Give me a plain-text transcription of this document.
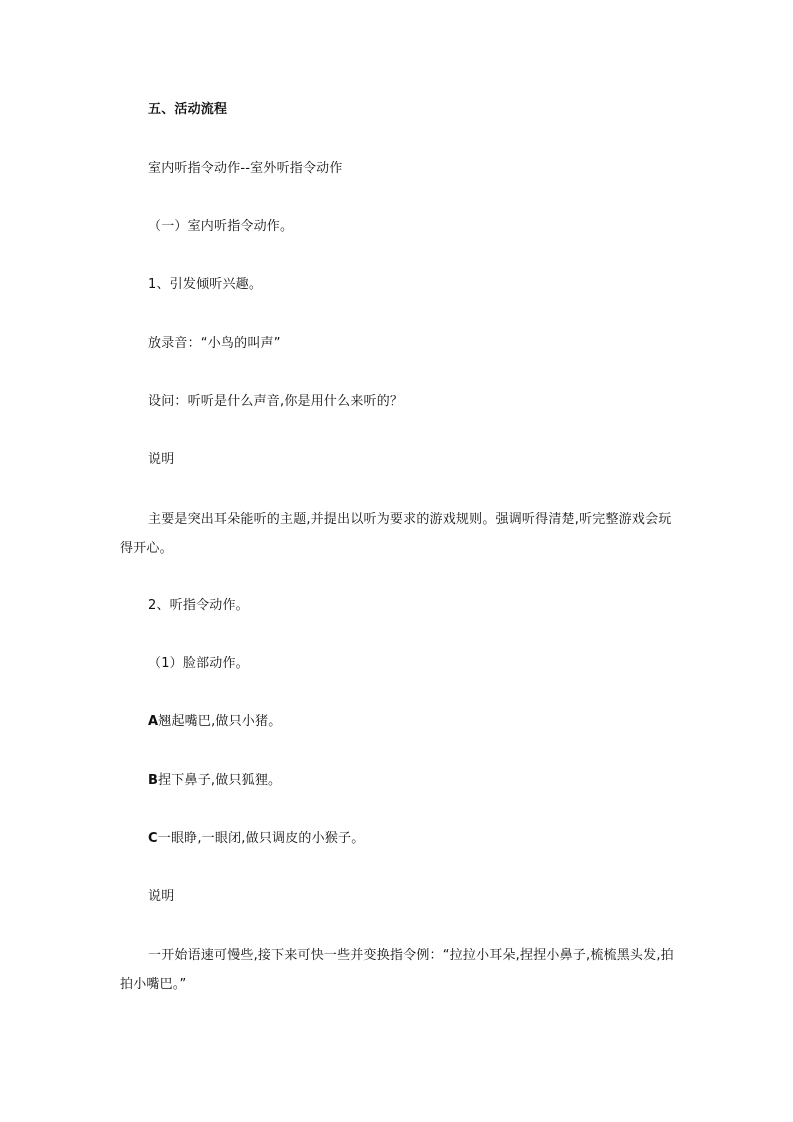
五、活动流程
室内听指令动作--室外听指令动作
（一）室内听指令动作。
1、引发倾听兴趣。
放录音：“小鸟的叫声”
设问：听听是什么声音,你是用什么来听的？
说明
主要是突出耳朵能听的主题,并提出以听为要求的游戏规则。强调听得清楚,听完整游戏会玩得开心。
2、听指令动作。
（1）脸部动作。
A翘起嘴巴,做只小猪。
B捏下鼻子,做只狐狸。
C一眼睁,一眼闭,做只调皮的小猴子。
说明
一开始语速可慢些,接下来可快一些并变换指令例：“拉拉小耳朵,捏捏小鼻子,梳梳黑头发,拍拍小嘴巴。”
